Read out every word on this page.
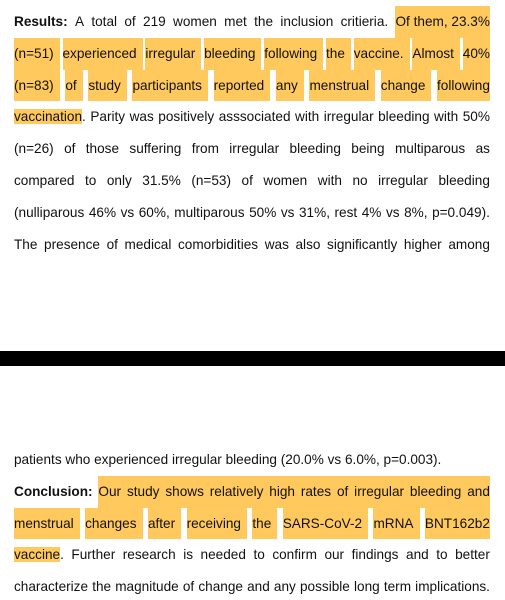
Results: A total of 219 women met the inclusion critieria. Of them, 23.3%
(n=51) experienced irregular bleeding following the vaccine. Almost 40%
(n=83) of study participants reported any menstrual change following
vaccination. Parity was positively asssociated with irregular bleeding with 50%
(n=26) of those suffering from irregular bleeding being multiparous as
compared to only 31.5% (n=53) of women with no irregular bleeding
(nulliparous 46% vs 60%, multiparous 50% vs 31%, rest 4% vs 8%, p=0.049).
The presence of medical comorbidities was also significantly higher among
patients who experienced irregular bleeding (20.0% vs 6.0%, p=0.003).
Conclusion: Our study shows relatively high rates of irregular bleeding and
menstrual changes after receiving the SARS-CoV-2 mRNA BNT162b2
vaccine. Further research is needed to confirm our findings and to better
characterize the magnitude of change and any possible long term implications.
